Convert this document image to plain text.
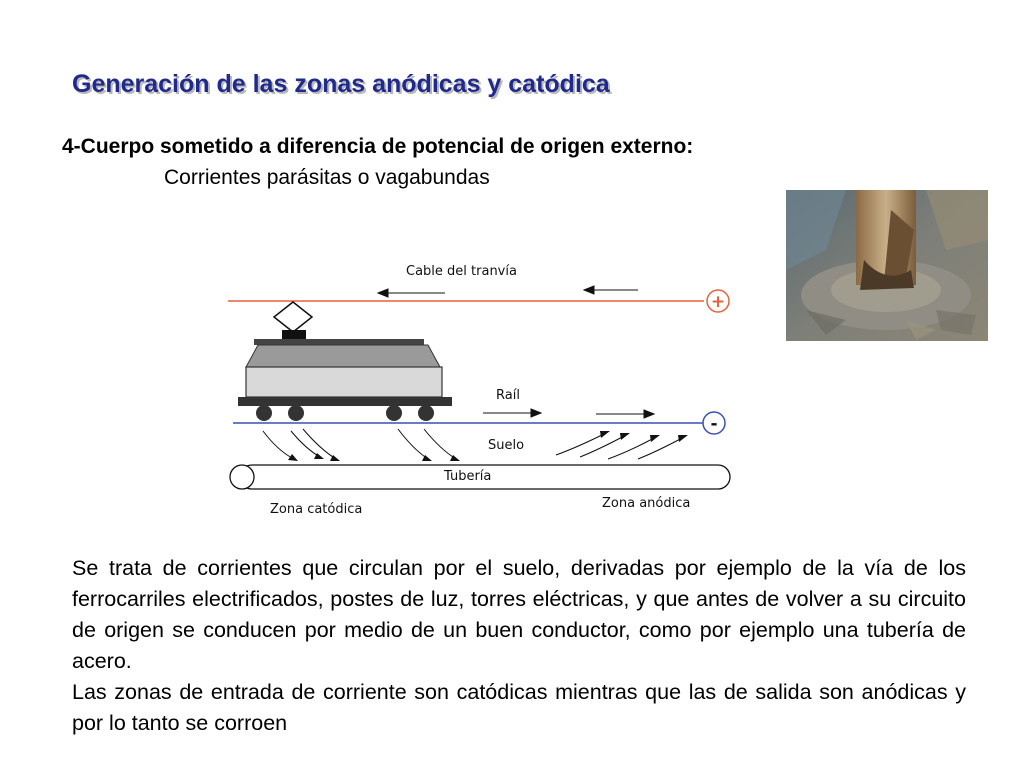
Generación de las zonas anódicas y catódica
4-Cuerpo sometido a diferencia de potencial de origen externo:
Corrientes parásitas o vagabundas
Cable del tranvía
+
Raíl
-
Suelo
Tubería
Zona catódica	Zona anódica

Se trata de corrientes que circulan por el suelo, derivadas por ejemplo de la vía de los ferrocarriles electrificados, postes de luz, torres eléctricas, y que antes de volver a su circuito de origen se conducen por medio de un buen conductor, como por ejemplo una tubería de acero.

Las zonas de entrada de corriente son catódicas mientras que las de salida son anódicas y por lo tanto se corroen
